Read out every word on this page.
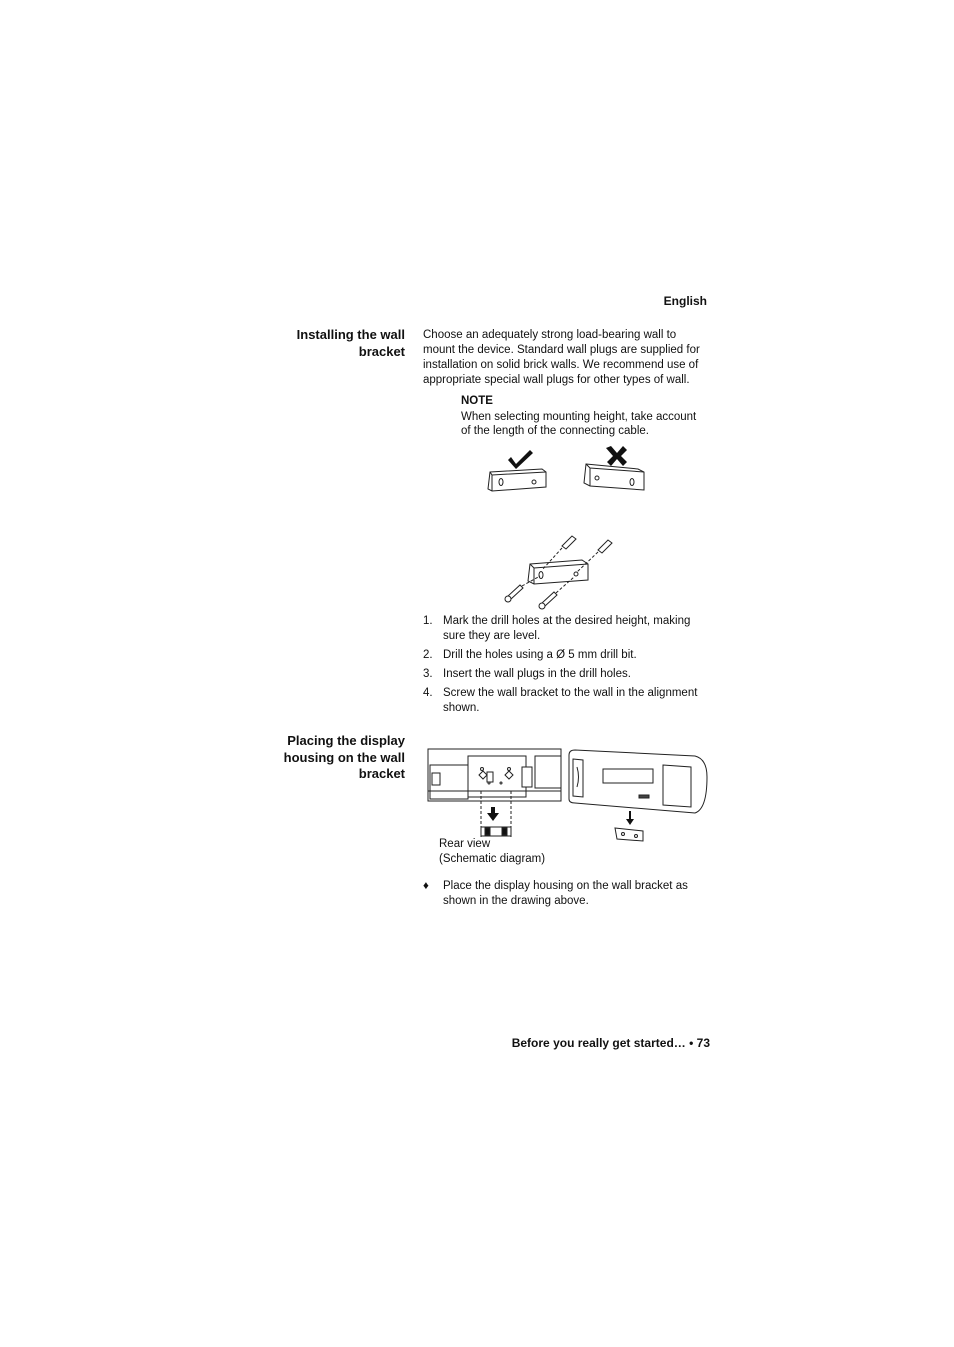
English
Installing the wall
bracket
Choose an adequately strong load-bearing wall to
mount the device. Standard wall plugs are supplied for
installation on solid brick walls. We recommend use of
appropriate special wall plugs for other types of wall.
NOTE
When selecting mounting height, take account
of the length of the connecting cable.
1. Mark the drill holes at the desired height, making
sure they are level.
2. Drill the holes using a Ø 5 mm drill bit.
3. Insert the wall plugs in the drill holes.
4. Screw the wall bracket to the wall in the alignment
shown.
Placing the display
housing on the wall
bracket
Rear view
(Schematic diagram)
♦ Place the display housing on the wall bracket as
shown in the drawing above.
Before you really get started… • 73
